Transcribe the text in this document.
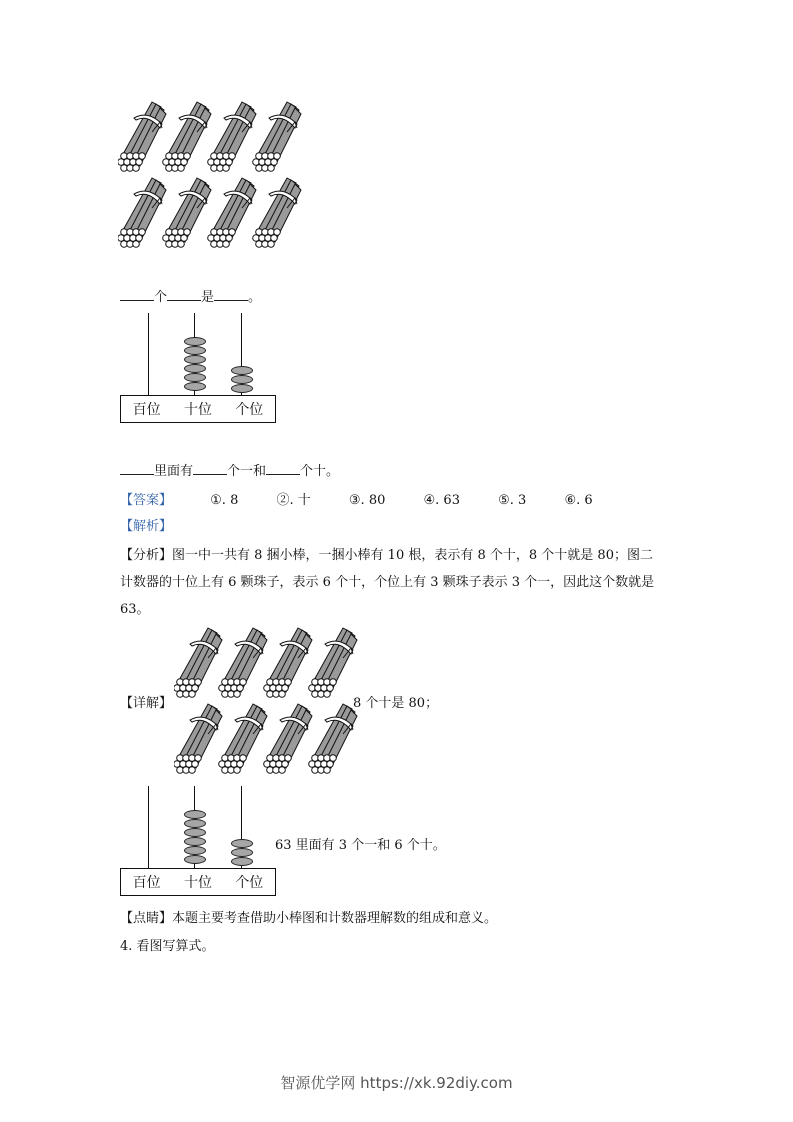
个	是	。
百位 十位 个位
里面有	个一和	个十。
【答案】	①. 8	②. 十	③. 80	④. 63	⑤. 3	⑥. 6
【解析】
【分析】图一中一共有 8 捆小棒，一捆小棒有 10 根，表示有 8 个十，8 个十就是 80；图二
计数器的十位上有 6 颗珠子，表示 6 个十，个位上有 3 颗珠子表示 3 个一，因此这个数就是
63。
【详解】	8 个十是 80；
百位 十位 个位
63 里面有 3 个一和 6 个十。
【点睛】本题主要考查借助小棒图和计数器理解数的组成和意义。
4. 看图写算式。
智源优学网 https://xk.92diy.com
